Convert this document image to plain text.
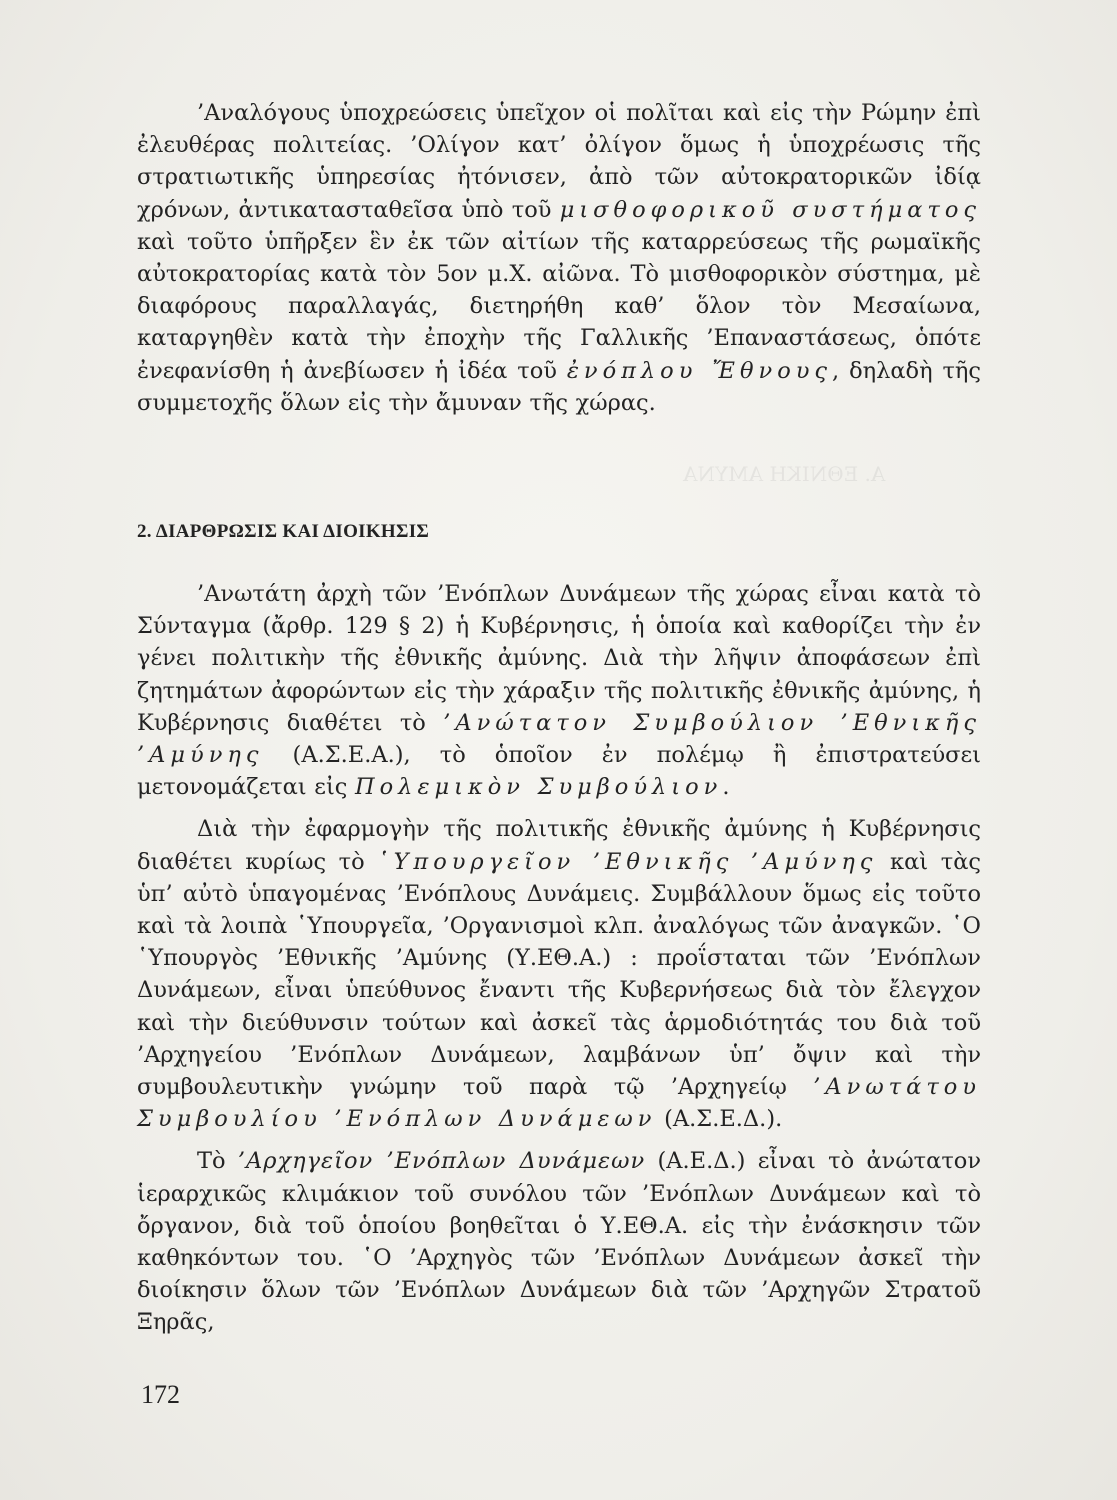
Α. ΕΘΝΙΚΗ ΑΜΥΝΑ

’Αναλόγους ὑποχρεώσεις ὑπεῖχον οἱ πολῖται καὶ εἰς τὴν Ρώμην ἐπὶ ἐλευθέρας πολιτείας. ’Ολίγον κατ’ ὀλίγον ὅμως ἡ ὑποχρέωσις τῆς στρατιωτικῆς ὑπηρεσίας ἠτόνισεν, ἀπὸ τῶν αὐτοκρατορικῶν ἰδίᾳ χρόνων, ἀντικατασταθεῖσα ὑπὸ τοῦ μισθοφορικοῦ συστήματος καὶ τοῦτο ὑπῆρξεν ἓν ἐκ τῶν αἰτίων τῆς καταρρεύσεως τῆς ρωμαϊκῆς αὐτοκρατορίας κατὰ τὸν 5ον μ.Χ. αἰῶνα. Τὸ μισθοφορικὸν σύστημα, μὲ διαφόρους παραλλαγάς, διετηρήθη καθ’ ὅλον τὸν Μεσαίωνα, καταργηθὲν κατὰ τὴν ἐποχὴν τῆς Γαλλικῆς ’Επαναστάσεως, ὁπότε ἐνεφανίσθη ἡ ἀνεβίωσεν ἡ ἰδέα τοῦ ἐνόπλου Ἔθνους, δηλαδὴ τῆς συμμετοχῆς ὅλων εἰς τὴν ἄμυναν τῆς χώρας.

2. ΔΙΑΡΘΡΩΣΙΣ ΚΑΙ ΔΙΟΙΚΗΣΙΣ

’Ανωτάτη ἀρχὴ τῶν ’Ενόπλων Δυνάμεων τῆς χώρας εἶναι κατὰ τὸ Σύνταγμα (ἄρθρ. 129 § 2) ἡ Κυβέρνησις, ἡ ὁποία καὶ καθορίζει τὴν ἐν γένει πολιτικὴν τῆς ἐθνικῆς ἀμύνης. Διὰ τὴν λῆψιν ἀποφάσεων ἐπὶ ζητημάτων ἀφορώντων εἰς τὴν χάραξιν τῆς πολιτικῆς ἐθνικῆς ἀμύνης, ἡ Κυβέρνησις διαθέτει τὸ ’Ανώτατον Συμβούλιον ’Εθνικῆς ’Αμύνης (Α.Σ.Ε.Α.), τὸ ὁποῖον ἐν πολέμῳ ἢ ἐπιστρατεύσει μετονομάζεται εἰς Πολεμικὸν Συμβούλιον.

Διὰ τὴν ἐφαρμογὴν τῆς πολιτικῆς ἐθνικῆς ἀμύνης ἡ Κυβέρνησις διαθέτει κυρίως τὸ ῾Υπουργεῖον ’Εθνικῆς ’Αμύνης καὶ τὰς ὑπ’ αὐτὸ ὑπαγομένας ’Ενόπλους Δυνάμεις. Συμβάλλουν ὅμως εἰς τοῦτο καὶ τὰ λοιπὰ ῾Υπουργεῖα, ’Οργανισμοὶ κλπ. ἀναλόγως τῶν ἀναγκῶν. ῾Ο ῾Υπουργὸς ’Εθνικῆς ’Αμύνης (Υ.ΕΘ.Α.) : προΐσταται τῶν ’Ενόπλων Δυνάμεων, εἶναι ὑπεύθυνος ἔναντι τῆς Κυβερνήσεως διὰ τὸν ἔλεγχον καὶ τὴν διεύθυνσιν τούτων καὶ ἀσκεῖ τὰς ἁρμοδιότητάς του διὰ τοῦ ’Αρχηγείου ’Ενόπλων Δυνάμεων, λαμβάνων ὑπ’ ὄψιν καὶ τὴν συμβουλευτικὴν γνώμην τοῦ παρὰ τῷ ’Αρχηγείῳ ’Ανωτάτου Συμβουλίου ’Ενόπλων Δυνάμεων (Α.Σ.Ε.Δ.).

Τὸ ’Αρχηγεῖον ’Ενόπλων Δυνάμεων (Α.Ε.Δ.) εἶναι τὸ ἀνώτατον ἱεραρχικῶς κλιμάκιον τοῦ συνόλου τῶν ’Ενόπλων Δυνάμεων καὶ τὸ ὄργανον, διὰ τοῦ ὁποίου βοηθεῖται ὁ Υ.ΕΘ.Α. εἰς τὴν ἐνάσκησιν τῶν καθηκόντων του. ῾Ο ’Αρχηγὸς τῶν ’Ενόπλων Δυνάμεων ἀσκεῖ τὴν διοίκησιν ὅλων τῶν ’Ενόπλων Δυνάμεων διὰ τῶν ’Αρχηγῶν Στρατοῦ Ξηρᾶς,

172
